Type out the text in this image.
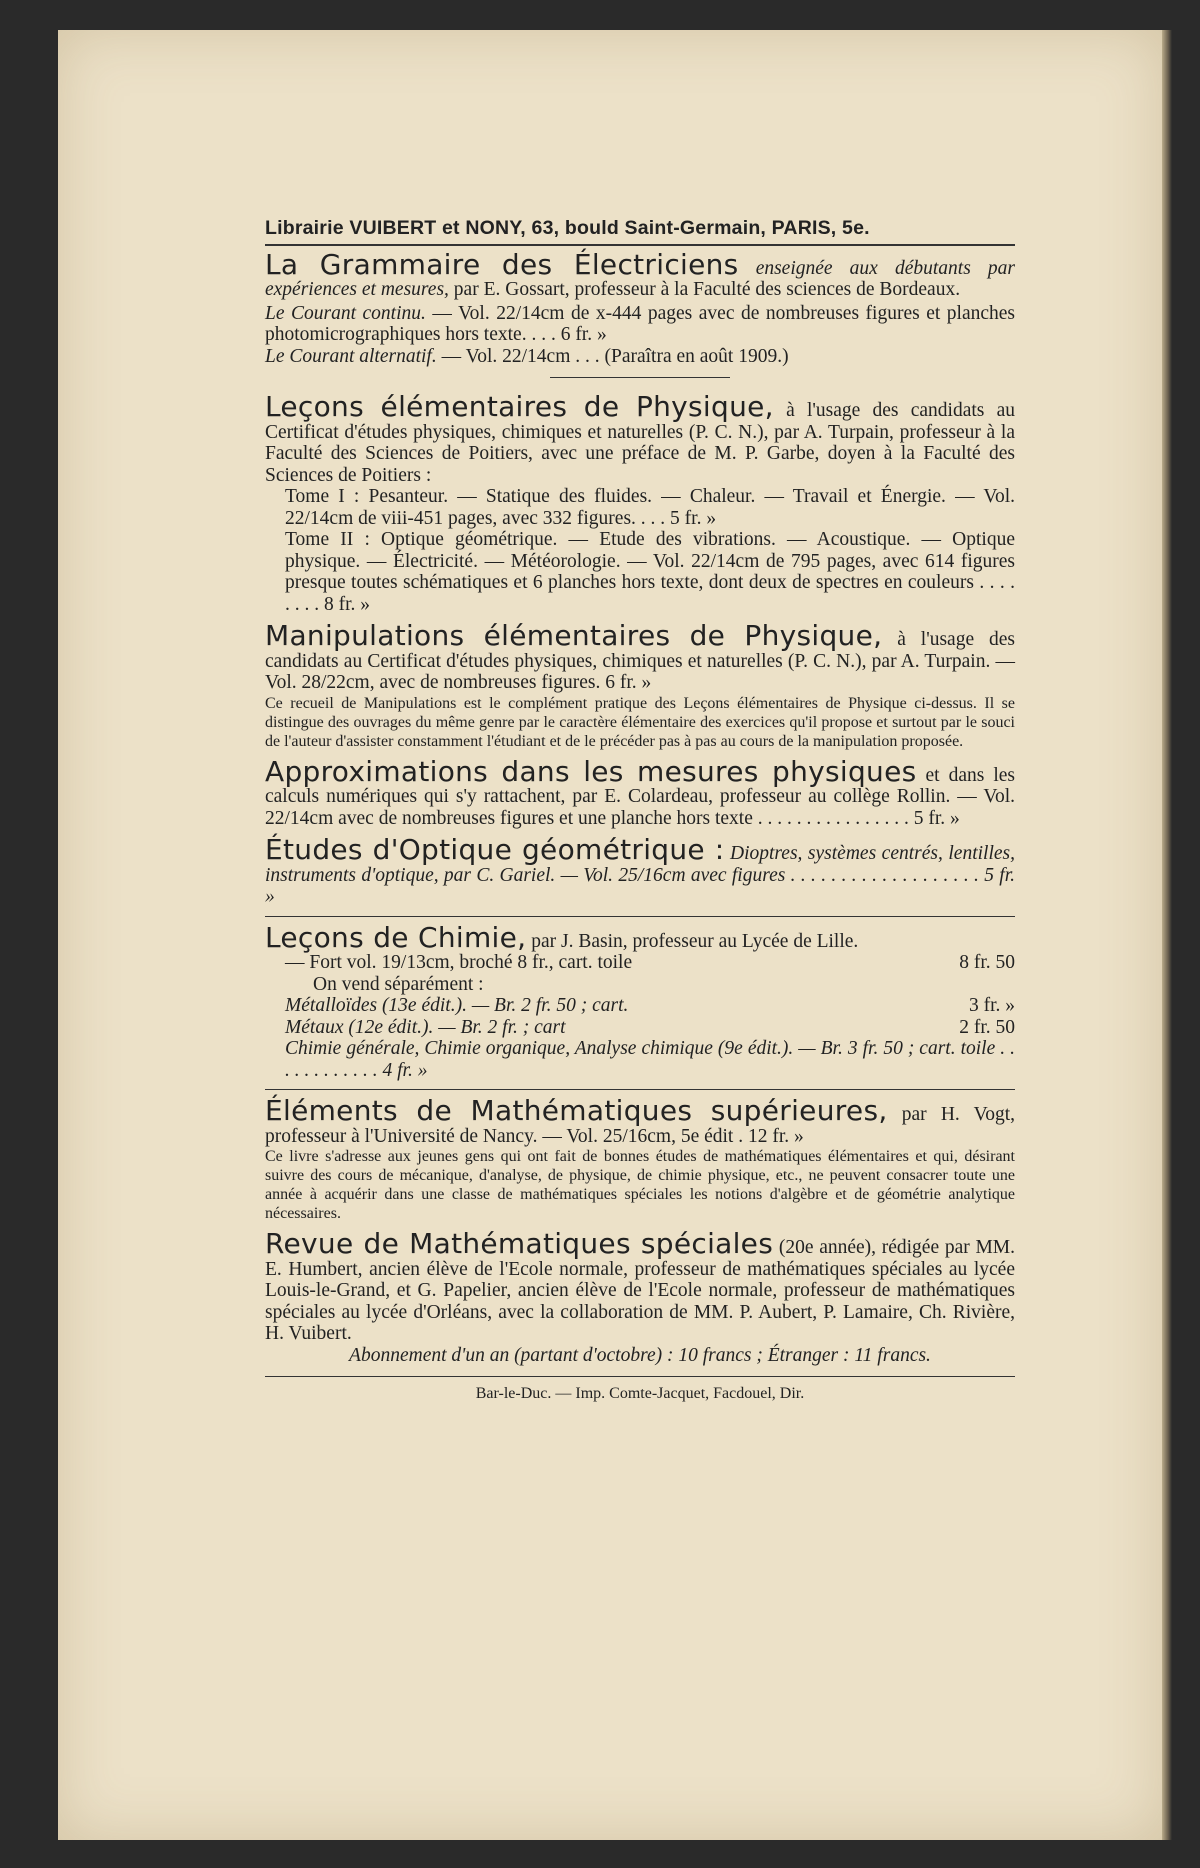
Librairie VUIBERT et NONY, 63, bould Saint-Germain, PARIS, 5e.
La Grammaire des Électriciens enseignée aux débutants par expériences et mesures, par E. Gossart, professeur à la Faculté des sciences de Bordeaux.
Le Courant continu. — Vol. 22/14cm de x-444 pages avec de nombreuses figures et planches photomicrographiques hors texte. . . . 6 fr. »
Le Courant alternatif. — Vol. 22/14cm . . . (Paraîtra en août 1909.)
Leçons élémentaires de Physique, à l'usage des candidats au Certificat d'études physiques, chimiques et naturelles (P. C. N.), par A. Turpain, professeur à la Faculté des Sciences de Poitiers, avec une préface de M. P. Garbe, doyen à la Faculté des Sciences de Poitiers :
Tome I : Pesanteur. — Statique des fluides. — Chaleur. — Travail et Énergie. — Vol. 22/14cm de viii-451 pages, avec 332 figures. . . . 5 fr. »
Tome II : Optique géométrique. — Etude des vibrations. — Acoustique. — Optique physique. — Électricité. — Météorologie. — Vol. 22/14cm de 795 pages, avec 614 figures presque toutes schématiques et 6 planches hors texte, dont deux de spectres en couleurs . . . . . . . . 8 fr. »
Manipulations élémentaires de Physique, à l'usage des candidats au Certificat d'études physiques, chimiques et naturelles (P. C. N.), par A. Turpain. — Vol. 28/22cm, avec de nombreuses figures. 6 fr. »
Ce recueil de Manipulations est le complément pratique des Leçons élémentaires de Physique ci-dessus. Il se distingue des ouvrages du même genre par le caractère élémentaire des exercices qu'il propose et surtout par le souci de l'auteur d'assister constamment l'étudiant et de le précéder pas à pas au cours de la manipulation proposée.
Approximations dans les mesures physiques et dans les calculs numériques qui s'y rattachent, par E. Colardeau, professeur au collège Rollin. — Vol. 22/14cm avec de nombreuses figures et une planche hors texte . . . . . . . . . . . . . . . . 5 fr. »
Études d'Optique géométrique : Dioptres, systèmes centrés, lentilles, instruments d'optique, par C. Gariel. — Vol. 25/16cm avec figures . . . . . . . . . . . . . . . . . . . 5 fr. »
Leçons de Chimie, par J. Basin, professeur au Lycée de Lille.
— Fort vol. 19/13cm, broché 8 fr., cart. toile	8 fr. 50
On vend séparément :
Métalloïdes (13e édit.). — Br. 2 fr. 50 ; cart.	3 fr. »
Métaux (12e édit.). — Br. 2 fr. ; cart	2 fr. 50
Chimie générale, Chimie organique, Analyse chimique (9e édit.). — Br. 3 fr. 50 ; cart. toile . . . . . . . . . . . . 4 fr. »
Éléments de Mathématiques supérieures, par H. Vogt, professeur à l'Université de Nancy. — Vol. 25/16cm, 5e édit . 12 fr. »
Ce livre s'adresse aux jeunes gens qui ont fait de bonnes études de mathématiques élémentaires et qui, désirant suivre des cours de mécanique, d'analyse, de physique, de chimie physique, etc., ne peuvent consacrer toute une année à acquérir dans une classe de mathématiques spéciales les notions d'algèbre et de géométrie analytique nécessaires.
Revue de Mathématiques spéciales (20e année), rédigée par MM. E. Humbert, ancien élève de l'Ecole normale, professeur de mathématiques spéciales au lycée Louis-le-Grand, et G. Papelier, ancien élève de l'Ecole normale, professeur de mathématiques spéciales au lycée d'Orléans, avec la collaboration de MM. P. Aubert, P. Lamaire, Ch. Rivière, H. Vuibert.
Abonnement d'un an (partant d'octobre) : 10 francs ; Étranger : 11 francs.
Bar-le-Duc. — Imp. Comte-Jacquet, Facdouel, Dir.
